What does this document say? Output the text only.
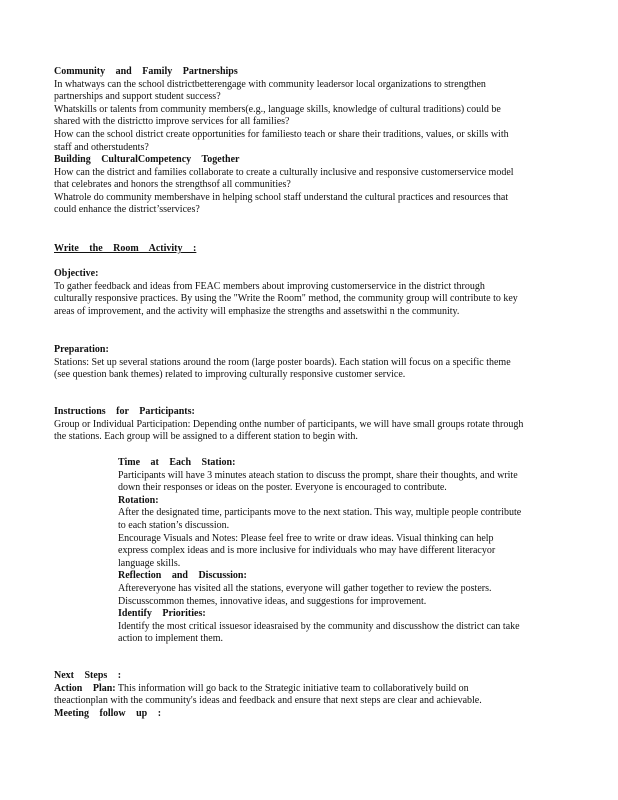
Community and Family Partnerships

In whatways can the school districtbetterengage with community leadersor local organizations to strengthen partnerships and support student success?

Whatskills or talents from community members(e.g., language skills, knowledge of cultural traditions) could be shared with the districtto improve services for all families?

How can the school district create opportunities for familiesto teach or share their traditions, values, or skills with staff and otherstudents?

Building CulturalCompetency Together

How can the district and families collaborate to create a culturally inclusive and responsive customerservice model that celebrates and honors the strengthsof all communities?

Whatrole do community membershave in helping school staff understand the cultural practices and resources that could enhance the district’sservices?

Write the Room Activity :

Objective:

To gather feedback and ideas from FEAC members about improving customerservice in the district through culturally responsive practices. By using the "Write the Room" method, the community group will contribute to key areas of improvement, and the activity will emphasize the strengths and assetswithi n the community.

Preparation:

Stations: Set up several stations around the room (large poster boards). Each station will focus on a specific theme (see question bank themes) related to improving culturally responsive customer service.

Instructions for Participants:

Group or Individual Participation: Depending onthe number of participants, we will have small groups rotate through the stations. Each group will be assigned to a different station to begin with.

Time at Each Station:

Participants will have 3 minutes ateach station to discuss the prompt, share their thoughts, and write down their responses or ideas on the poster. Everyone is encouraged to contribute.

Rotation:

After the designated time, participants move to the next station. This way, multiple people contribute to each station’s discussion.

Encourage Visuals and Notes: Please feel free to write or draw ideas. Visual thinking can help express complex ideas and is more inclusive for individuals who may have different literacyor language skills.

Reflection and Discussion:

Aftereveryone has visited all the stations, everyone will gather together to review the posters. Discusscommon themes, innovative ideas, and suggestions for improvement.

Identify Priorities:

Identify the most critical issuesor ideasraised by the community and discusshow the district can take action to implement them.

Next Steps :

Action Plan: This information will go back to the Strategic initiative team to collaboratively build on theactionplan with the community's ideas and feedback and ensure that next steps are clear and achievable.

Meeting follow up :
